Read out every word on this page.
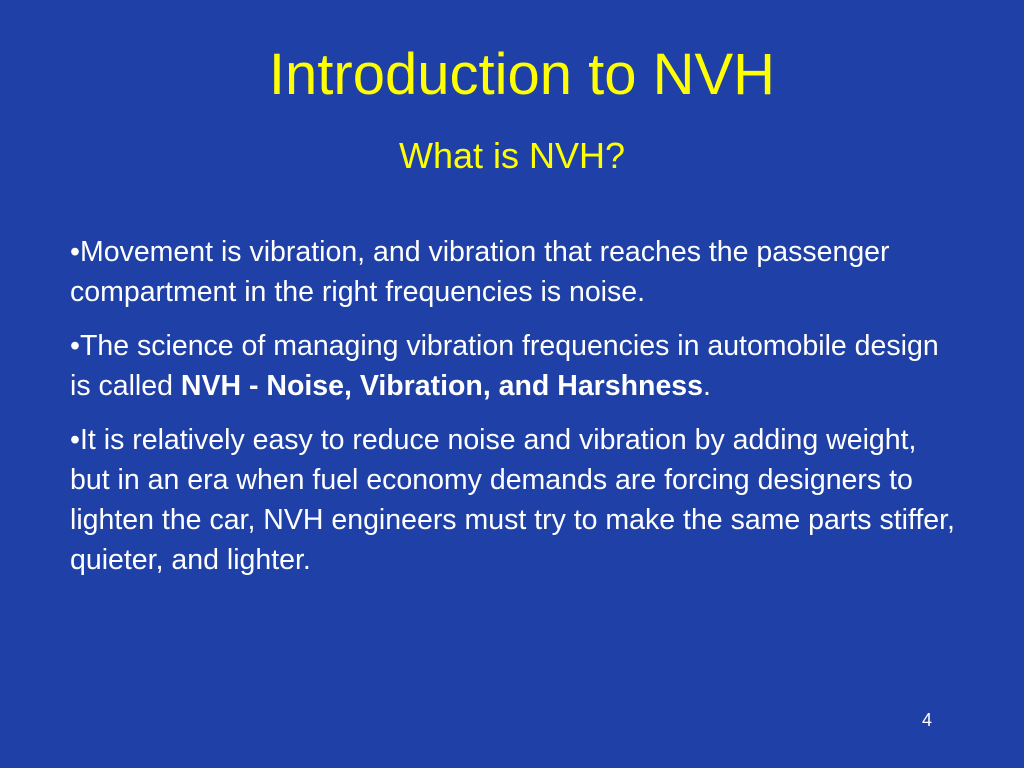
Introduction to NVH
What is NVH?
•Movement is vibration, and vibration that reaches the passenger compartment in the right frequencies is noise.
•The science of managing vibration frequencies in automobile design is called NVH - Noise, Vibration, and Harshness.
•It is relatively easy to reduce noise and vibration by adding weight, but in an era when fuel economy demands are forcing designers to lighten the car, NVH engineers must try to make the same parts stiffer, quieter, and lighter.
4
